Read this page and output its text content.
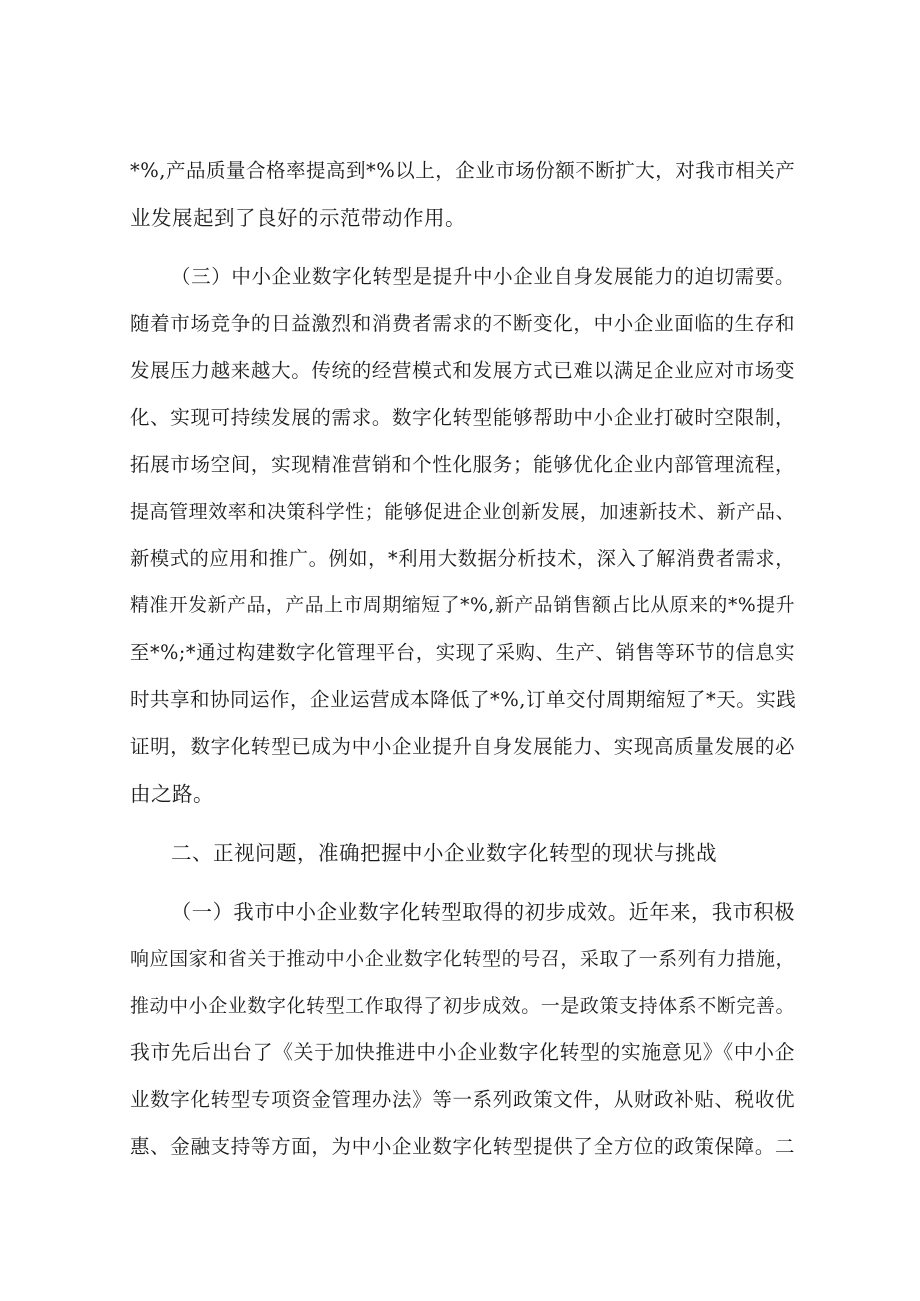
*%,产品质量合格率提高到*%以上，企业市场份额不断扩大，对我市相关产
业发展起到了良好的示范带动作用。
（三）中小企业数字化转型是提升中小企业自身发展能力的迫切需要。
随着市场竞争的日益激烈和消费者需求的不断变化，中小企业面临的生存和
发展压力越来越大。传统的经营模式和发展方式已难以满足企业应对市场变
化、实现可持续发展的需求。数字化转型能够帮助中小企业打破时空限制，
拓展市场空间，实现精准营销和个性化服务；能够优化企业内部管理流程，
提高管理效率和决策科学性；能够促进企业创新发展，加速新技术、新产品、
新模式的应用和推广。例如，*利用大数据分析技术，深入了解消费者需求，
精准开发新产品，产品上市周期缩短了*%,新产品销售额占比从原来的*%提升
至*%;*通过构建数字化管理平台，实现了采购、生产、销售等环节的信息实
时共享和协同运作，企业运营成本降低了*%,订单交付周期缩短了*天。实践
证明，数字化转型已成为中小企业提升自身发展能力、实现高质量发展的必
由之路。
二、正视问题，准确把握中小企业数字化转型的现状与挑战
（一）我市中小企业数字化转型取得的初步成效。近年来，我市积极
响应国家和省关于推动中小企业数字化转型的号召，采取了一系列有力措施，
推动中小企业数字化转型工作取得了初步成效。一是政策支持体系不断完善。
我市先后出台了《关于加快推进中小企业数字化转型的实施意见》《中小企
业数字化转型专项资金管理办法》等一系列政策文件，从财政补贴、税收优
惠、金融支持等方面，为中小企业数字化转型提供了全方位的政策保障。二
